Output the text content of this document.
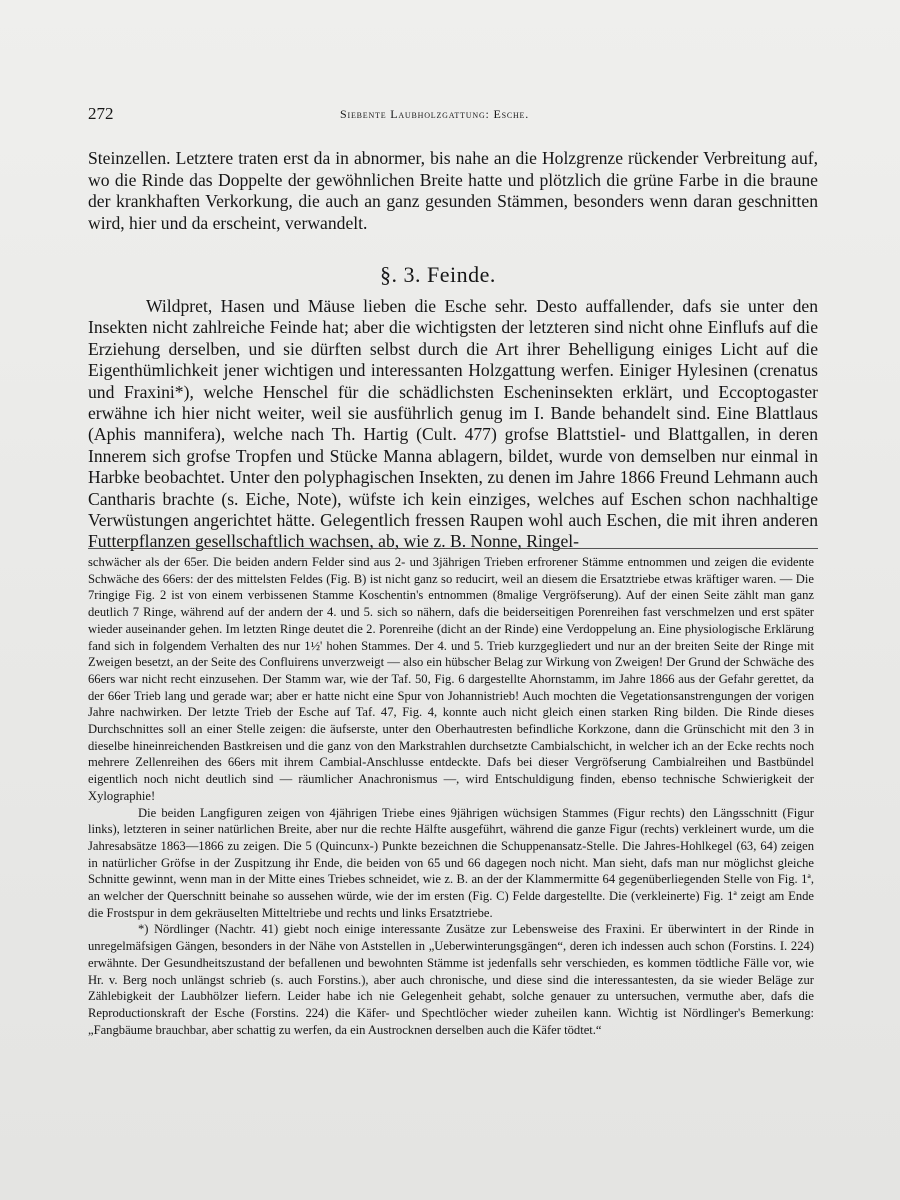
272	Siebente Laubholzgattung: Esche.

Steinzellen. Letztere traten erst da in abnormer, bis nahe an die Holzgrenze rückender Verbreitung auf, wo die Rinde das Doppelte der gewöhnlichen Breite hatte und plötzlich die grüne Farbe in die braune der krankhaften Verkorkung, die auch an ganz gesunden Stämmen, besonders wenn daran geschnitten wird, hier und da erscheint, verwandelt.

§. 3. Feinde.

Wildpret, Hasen und Mäuse lieben die Esche sehr. Desto auffallender, dafs sie unter den Insekten nicht zahlreiche Feinde hat; aber die wichtigsten der letzteren sind nicht ohne Einflufs auf die Erziehung derselben, und sie dürften selbst durch die Art ihrer Behelligung einiges Licht auf die Eigenthümlichkeit jener wichtigen und interessanten Holzgattung werfen. Einiger Hylesinen (crenatus und Fraxini*), welche Henschel für die schädlichsten Escheninsekten erklärt, und Eccoptogaster erwähne ich hier nicht weiter, weil sie ausführlich genug im I. Bande behandelt sind. Eine Blattlaus (Aphis mannifera), welche nach Th. Hartig (Cult. 477) grofse Blattstiel- und Blattgallen, in deren Innerem sich grofse Tropfen und Stücke Manna ablagern, bildet, wurde von demselben nur einmal in Harbke beobachtet. Unter den polyphagischen Insekten, zu denen im Jahre 1866 Freund Lehmann auch Cantharis brachte (s. Eiche, Note), wüfste ich kein einziges, welches auf Eschen schon nachhaltige Verwüstungen angerichtet hätte. Gelegentlich fressen Raupen wohl auch Eschen, die mit ihren anderen Futterpflanzen gesellschaftlich wachsen, ab, wie z. B. Nonne, Ringel-

schwächer als der 65er. Die beiden andern Felder sind aus 2- und 3jährigen Trieben erfrorener Stämme entnommen und zeigen die evidente Schwäche des 66ers: der des mittelsten Feldes (Fig. B) ist nicht ganz so reducirt, weil an diesem die Ersatztriebe etwas kräftiger waren. — Die 7ringige Fig. 2 ist von einem verbissenen Stamme Koschentin's entnommen (8malige Vergröfserung). Auf der einen Seite zählt man ganz deutlich 7 Ringe, während auf der andern der 4. und 5. sich so nähern, dafs die beiderseitigen Porenreihen fast verschmelzen und erst später wieder auseinander gehen. Im letzten Ringe deutet die 2. Porenreihe (dicht an der Rinde) eine Verdoppelung an. Eine physiologische Erklärung fand sich in folgendem Verhalten des nur 1½' hohen Stammes. Der 4. und 5. Trieb kurzgegliedert und nur an der breiten Seite der Ringe mit Zweigen besetzt, an der Seite des Confluirens unverzweigt — also ein hübscher Belag zur Wirkung von Zweigen! Der Grund der Schwäche des 66ers war nicht recht einzusehen. Der Stamm war, wie der Taf. 50, Fig. 6 dargestellte Ahornstamm, im Jahre 1866 aus der Gefahr gerettet, da der 66er Trieb lang und gerade war; aber er hatte nicht eine Spur von Johannistrieb! Auch mochten die Vegetationsanstrengungen der vorigen Jahre nachwirken. Der letzte Trieb der Esche auf Taf. 47, Fig. 4, konnte auch nicht gleich einen starken Ring bilden. Die Rinde dieses Durchschnittes soll an einer Stelle zeigen: die äufserste, unter den Oberhautresten befindliche Korkzone, dann die Grünschicht mit den 3 in dieselbe hineinreichenden Bastkreisen und die ganz von den Markstrahlen durchsetzte Cambialschicht, in welcher ich an der Ecke rechts noch mehrere Zellenreihen des 66ers mit ihrem Cambial-Anschlusse entdeckte. Dafs bei dieser Vergröfserung Cambialreihen und Bastbündel eigentlich noch nicht deutlich sind — räumlicher Anachronismus —, wird Entschuldigung finden, ebenso technische Schwierigkeit der Xylographie!

Die beiden Langfiguren zeigen von 4jährigen Triebe eines 9jährigen wüchsigen Stammes (Figur rechts) den Längsschnitt (Figur links), letzteren in seiner natürlichen Breite, aber nur die rechte Hälfte ausgeführt, während die ganze Figur (rechts) verkleinert wurde, um die Jahresabsätze 1863—1866 zu zeigen. Die 5 (Quincunx-) Punkte bezeichnen die Schuppenansatz-Stelle. Die Jahres-Hohlkegel (63, 64) zeigen in natürlicher Gröfse in der Zuspitzung ihr Ende, die beiden von 65 und 66 dagegen noch nicht. Man sieht, dafs man nur möglichst gleiche Schnitte gewinnt, wenn man in der Mitte eines Triebes schneidet, wie z. B. an der der Klammermitte 64 gegenüberliegenden Stelle von Fig. 1ª, an welcher der Querschnitt beinahe so aussehen würde, wie der im ersten (Fig. C) Felde dargestellte. Die (verkleinerte) Fig. 1ª zeigt am Ende die Frostspur in dem gekräuselten Mitteltriebe und rechts und links Ersatztriebe.

*) Nördlinger (Nachtr. 41) giebt noch einige interessante Zusätze zur Lebensweise des Fraxini. Er überwintert in der Rinde in unregelmäfsigen Gängen, besonders in der Nähe von Aststellen in „Ueberwinterungsgängen“, deren ich indessen auch schon (Forstins. I. 224) erwähnte. Der Gesundheitszustand der befallenen und bewohnten Stämme ist jedenfalls sehr verschieden, es kommen tödtliche Fälle vor, wie Hr. v. Berg noch unlängst schrieb (s. auch Forstins.), aber auch chronische, und diese sind die interessantesten, da sie wieder Beläge zur Zählebigkeit der Laubhölzer liefern. Leider habe ich nie Gelegenheit gehabt, solche genauer zu untersuchen, vermuthe aber, dafs die Reproductionskraft der Esche (Forstins. 224) die Käfer- und Spechtlöcher wieder zuheilen kann. Wichtig ist Nördlinger's Bemerkung: „Fangbäume brauchbar, aber schattig zu werfen, da ein Austrocknen derselben auch die Käfer tödtet.“
